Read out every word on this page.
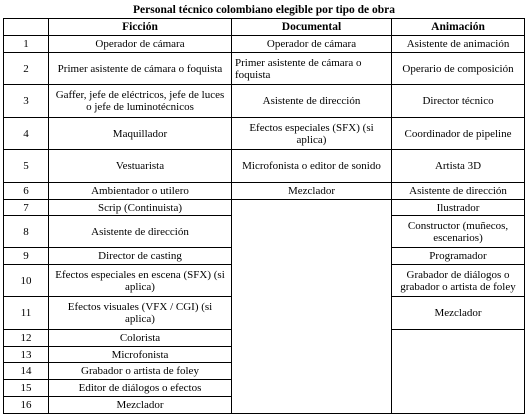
Personal técnico colombiano elegible por tipo de obra			
	Ficción	Documental	Animación
1	Operador de cámara	Operador de cámara	Asistente de animación
2	Primer asistente de cámara o foquista	Primer asistente de cámara o foquista	Operario de composición
3	Gaffer, jefe de eléctricos, jefe de luces o jefe de luminotécnicos	Asistente de dirección	Director técnico
4	Maquillador	Efectos especiales (SFX) (si aplica)	Coordinador de pipeline
5	Vestuarista	Microfonista o editor de sonido	Artista 3D
6	Ambientador o utilero	Mezclador	Asistente de dirección
7	Scrip (Continuista)		Ilustrador
8	Asistente de dirección		Constructor (muñecos, escenarios)
9	Director de casting		Programador
10	Efectos especiales en escena (SFX) (si aplica)		Grabador de diálogos o grabador o artista de foley
11	Efectos visuales (VFX / CGI) (si aplica)		Mezclador
12	Colorista		
13	Microfonista		
14	Grabador o artista de foley		
15	Editor de diálogos o efectos		
16	Mezclador		
